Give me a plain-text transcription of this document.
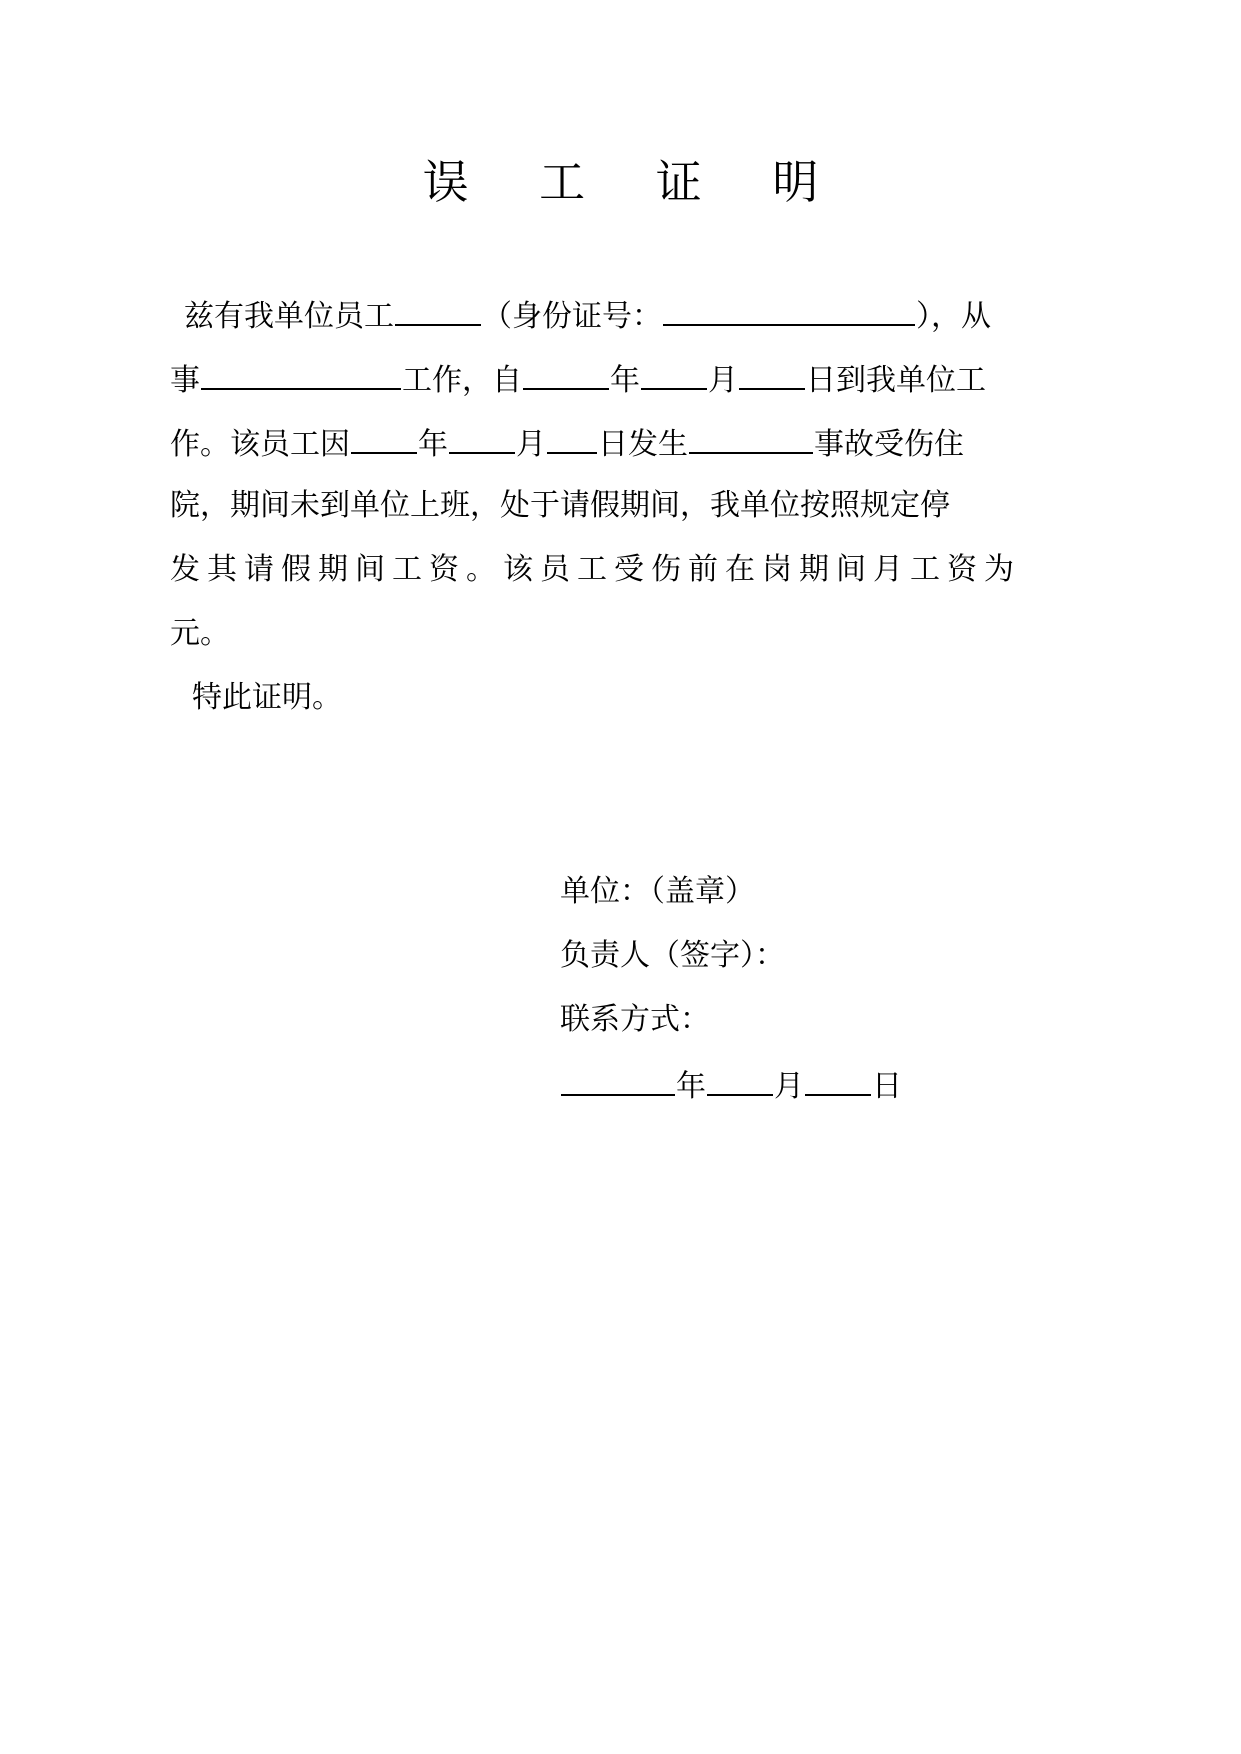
误 工 证 明
兹有我单位员工	（身份证号：	），从
事	工作，自	年 月 日到我单位工
作。该员工因 年 月 日发生	事故受伤住
院，期间未到单位上班，处于请假期间，我单位按照规定停
发其请假期间工资。该员工受伤前在岗期间月工资为
元。
特此证明。
单位：（盖章）
负责人（签字）：
联系方式：
年 月 日
